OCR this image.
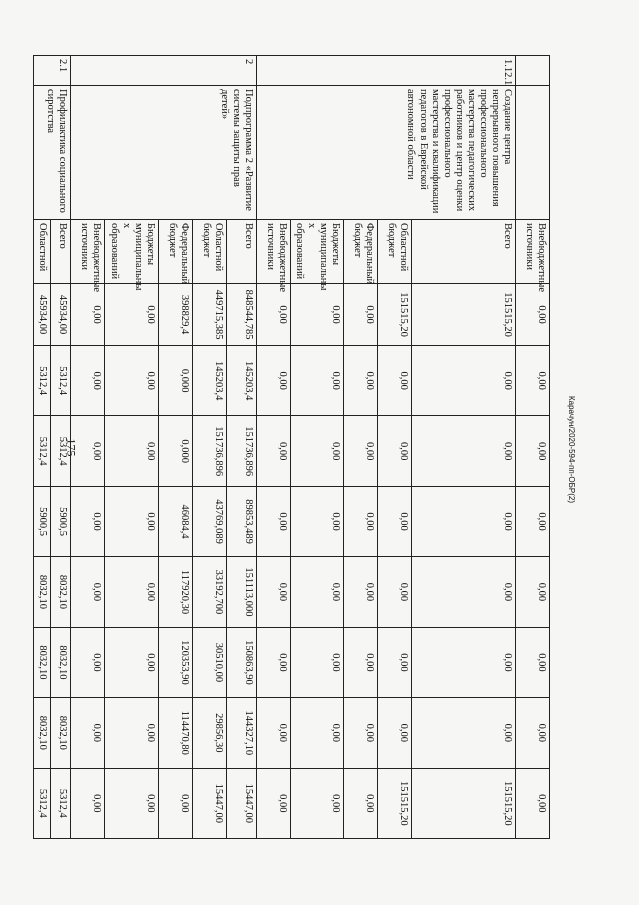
175	Карачун/2020-594-пп-ОБР(2)
		Внебюджетные источники	0,00	0,00	0,00	0,00	0,00	0,00	0,00	0,00
1.12.1	Создание центра непрерывного повышения профессионального мастерства педагогических работников и центр оценки профессионального мастерства и квалификации педагогов в Еврейской автономной области	Всего	151515,20	0,00	0,00	0,00	0,00	0,00	0,00	151515,20
		Областной бюджет	151515,20	0,00	0,00	0,00	0,00	0,00	0,00	151515,20
		Федеральный бюджет	0,00	0,00	0,00	0,00	0,00	0,00	0,00	0,00
		Бюджеты муниципальны х образований	0,00	0,00	0,00	0,00	0,00	0,00	0,00	0,00
		Внебюджетные источники	0,00	0,00	0,00	0,00	0,00	0,00	0,00	0,00
2	Подпрограмма 2 «Развитие системы защиты прав детей»	Всего	848544,785	145203,4	151736,896	89853,489	151113,000	150863,90	144327,10	15447,00
		Областной бюджет	449715,385	145203,4	151736,896	43769,089	33192,700	30510,00	29856,30	15447,00
		Федеральный бюджет	398829,4	0,000	0,000	46084,4	117920,30	120353,90	114470,80	0,00
		Бюджеты муниципальны х образований	0,00	0,00	0,00	0,00	0,00	0,00	0,00	0,00
		Внебюджетные источники	0,00	0,00	0,00	0,00	0,00	0,00	0,00	0,00
2.1	Профилактика социального сиротства	Всего	45934,00	5312,4	5312,4	5900,5	8032,10	8032,10	8032,10	5312,4
		Областной	45934,00	5312,4	5312,4	5900,5	8032,10	8032,10	8032,10	5312,4
